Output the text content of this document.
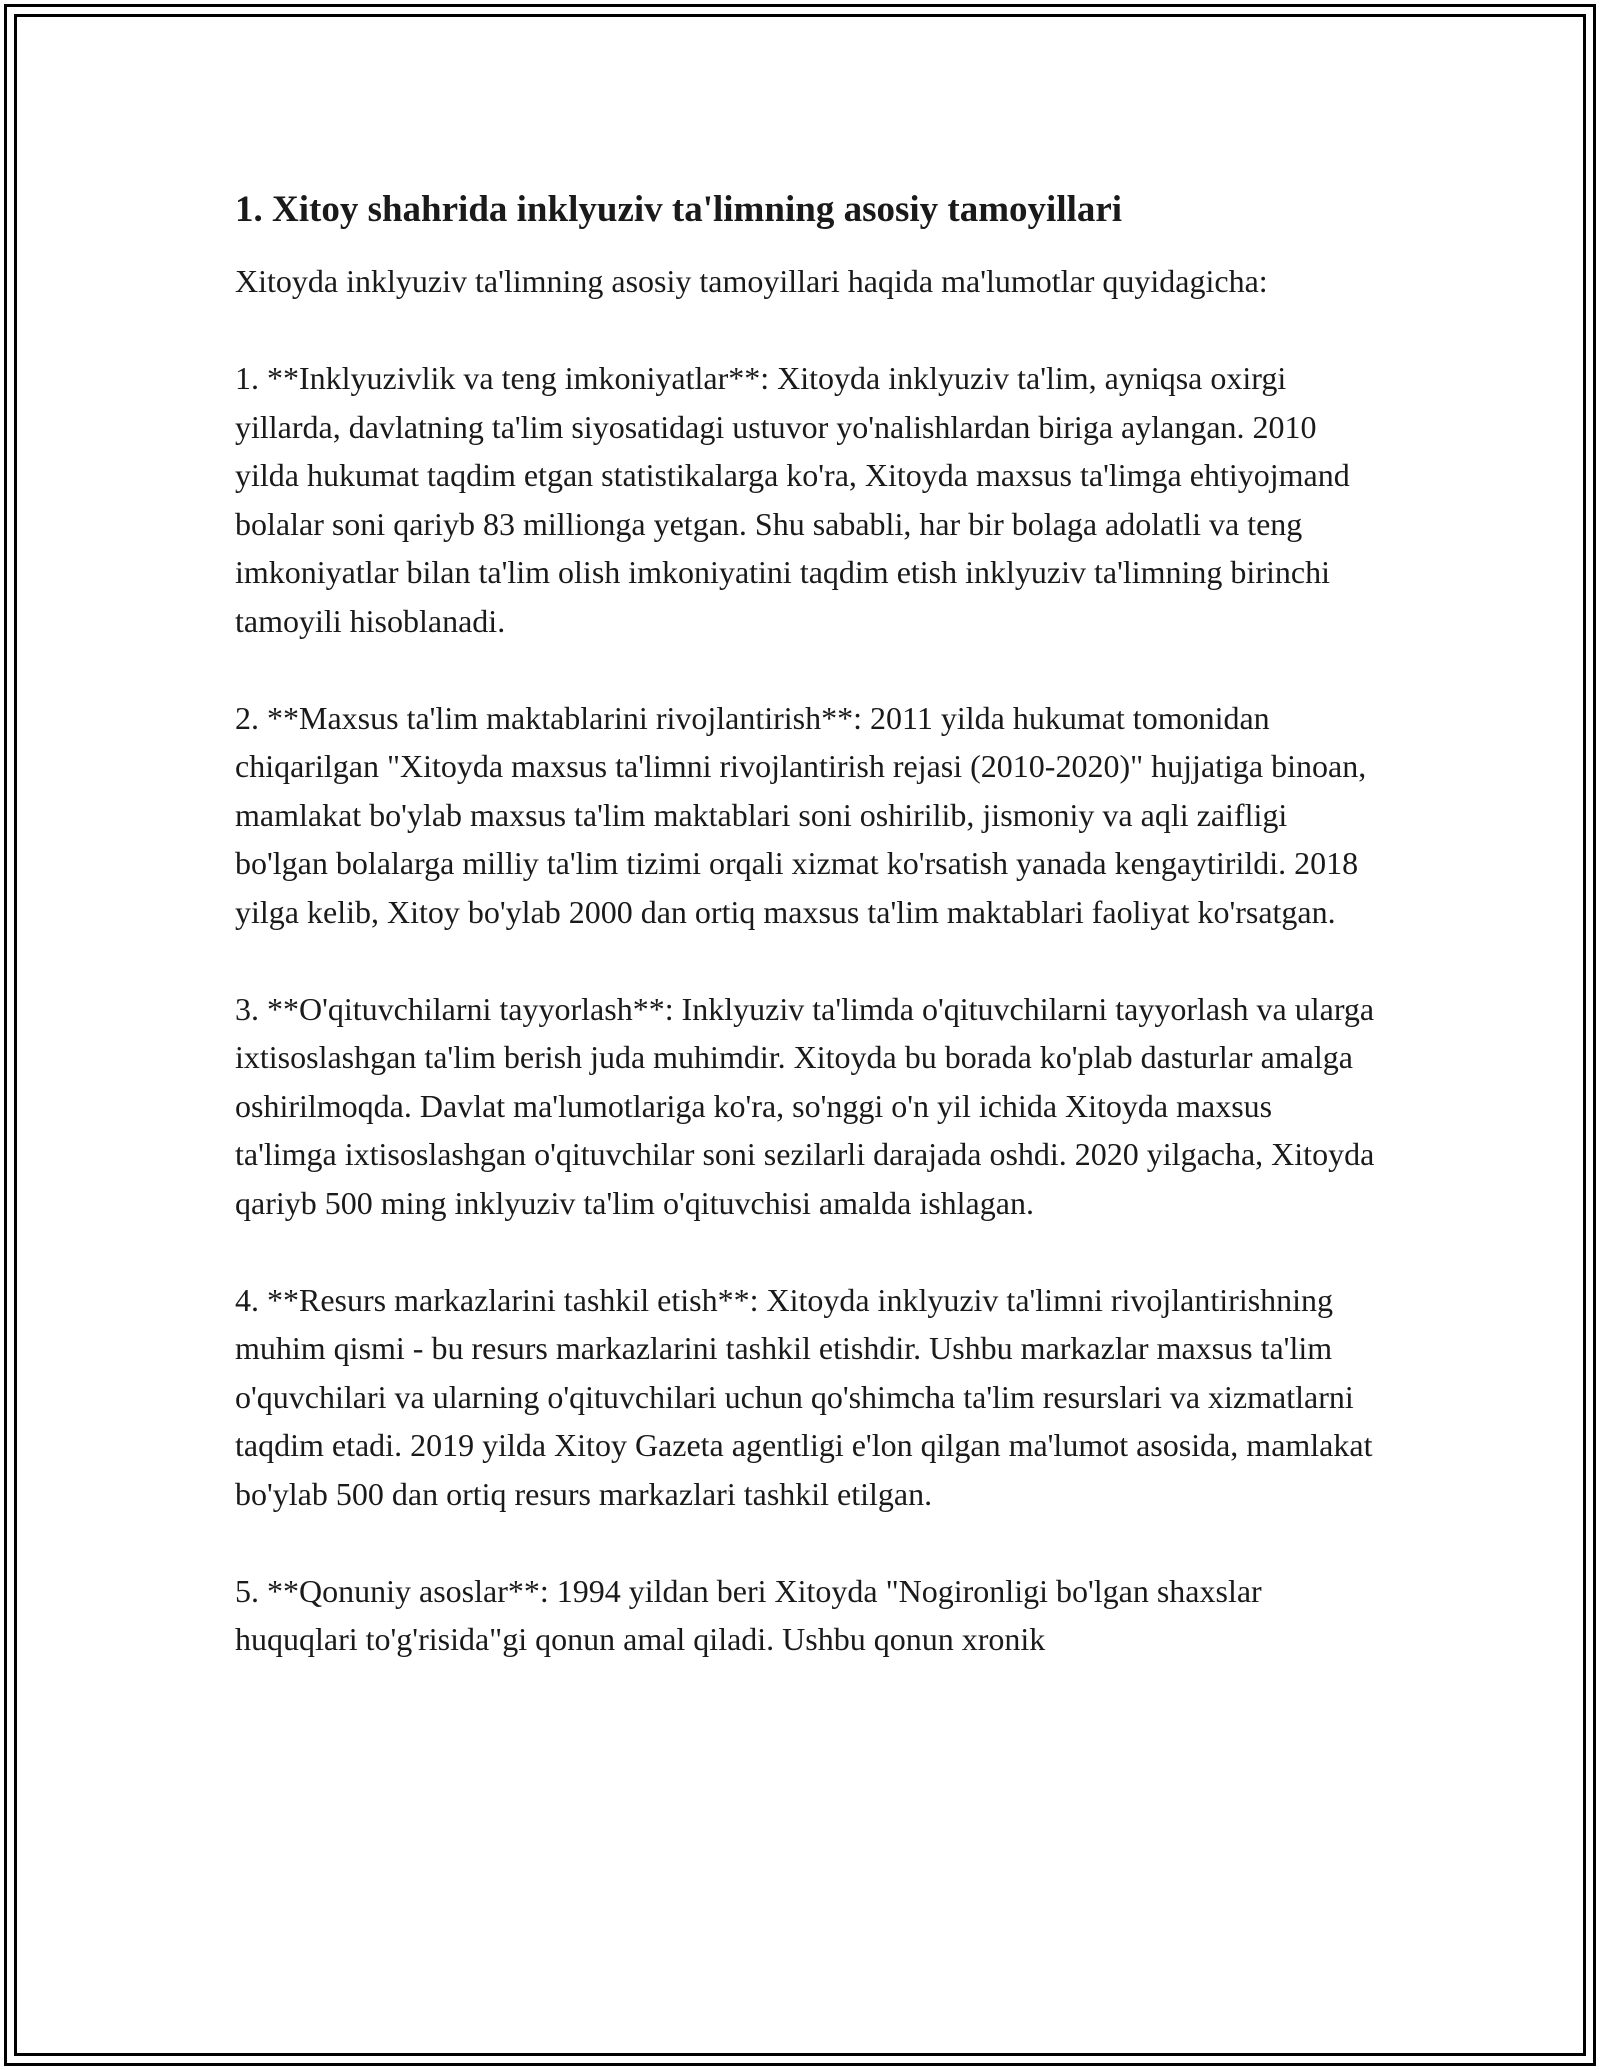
1. Xitoy shahrida inklyuziv ta'limning asosiy tamoyillari

Xitoyda inklyuziv ta'limning asosiy tamoyillari haqida ma'lumotlar quyidagicha:

1. **Inklyuzivlik va teng imkoniyatlar**: Xitoyda inklyuziv ta'lim, ayniqsa oxirgi yillarda, davlatning ta'lim siyosatidagi ustuvor yo'nalishlardan biriga aylangan. 2010 yilda hukumat taqdim etgan statistikalarga ko'ra, Xitoyda maxsus ta'limga ehtiyojmand bolalar soni qariyb 83 millionga yetgan. Shu sababli, har bir bolaga adolatli va teng imkoniyatlar bilan ta'lim olish imkoniyatini taqdim etish inklyuziv ta'limning birinchi tamoyili hisoblanadi.

2. **Maxsus ta'lim maktablarini rivojlantirish**: 2011 yilda hukumat tomonidan chiqarilgan "Xitoyda maxsus ta'limni rivojlantirish rejasi (2010-2020)" hujjatiga binoan, mamlakat bo'ylab maxsus ta'lim maktablari soni oshirilib, jismoniy va aqli zaifligi bo'lgan bolalarga milliy ta'lim tizimi orqali xizmat ko'rsatish yanada kengaytirildi. 2018 yilga kelib, Xitoy bo'ylab 2000 dan ortiq maxsus ta'lim maktablari faoliyat ko'rsatgan.

3. **O'qituvchilarni tayyorlash**: Inklyuziv ta'limda o'qituvchilarni tayyorlash va ularga ixtisoslashgan ta'lim berish juda muhimdir. Xitoyda bu borada ko'plab dasturlar amalga oshirilmoqda. Davlat ma'lumotlariga ko'ra, so'nggi o'n yil ichida Xitoyda maxsus ta'limga ixtisoslashgan o'qituvchilar soni sezilarli darajada oshdi. 2020 yilgacha, Xitoyda qariyb 500 ming inklyuziv ta'lim o'qituvchisi amalda ishlagan.

4. **Resurs markazlarini tashkil etish**: Xitoyda inklyuziv ta'limni rivojlantirishning muhim qismi - bu resurs markazlarini tashkil etishdir. Ushbu markazlar maxsus ta'lim o'quvchilari va ularning o'qituvchilari uchun qo'shimcha ta'lim resurslari va xizmatlarni taqdim etadi. 2019 yilda Xitoy Gazeta agentligi e'lon qilgan ma'lumot asosida, mamlakat bo'ylab 500 dan ortiq resurs markazlari tashkil etilgan.

5. **Qonuniy asoslar**: 1994 yildan beri Xitoyda "Nogironligi bo'lgan shaxslar huquqlari to'g'risida"gi qonun amal qiladi. Ushbu qonun xronik
